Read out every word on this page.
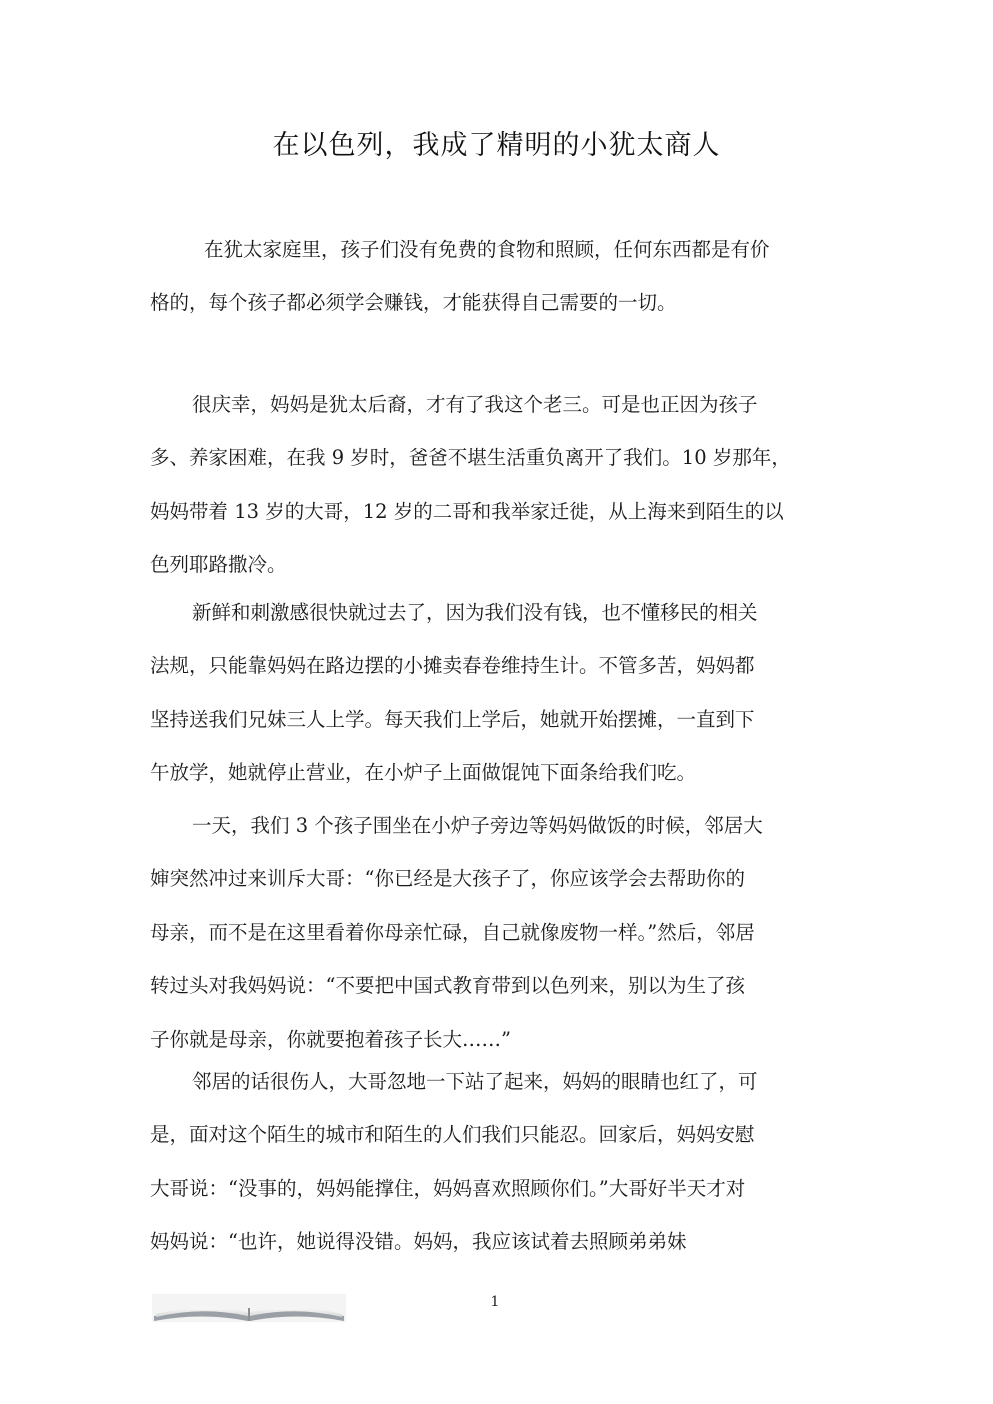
在以色列，我成了精明的小犹太商人

在犹太家庭里，孩子们没有免费的食物和照顾，任何东西都是有价
格的，每个孩子都必须学会赚钱，才能获得自己需要的一切。

很庆幸，妈妈是犹太后裔，才有了我这个老三。可是也正因为孩子
多、养家困难，在我 9 岁时，爸爸不堪生活重负离开了我们。10 岁那年，
妈妈带着 13 岁的大哥，12 岁的二哥和我举家迁徙，从上海来到陌生的以
色列耶路撒冷。

新鲜和刺激感很快就过去了，因为我们没有钱，也不懂移民的相关
法规，只能靠妈妈在路边摆的小摊卖春卷维持生计。不管多苦，妈妈都
坚持送我们兄妹三人上学。每天我们上学后，她就开始摆摊，一直到下
午放学，她就停止营业，在小炉子上面做馄饨下面条给我们吃。

一天，我们 3 个孩子围坐在小炉子旁边等妈妈做饭的时候，邻居大
婶突然冲过来训斥大哥：“你已经是大孩子了，你应该学会去帮助你的
母亲，而不是在这里看着你母亲忙碌，自己就像废物一样。”然后，邻居
转过头对我妈妈说：“不要把中国式教育带到以色列来，别以为生了孩
子你就是母亲，你就要抱着孩子长大……”

邻居的话很伤人，大哥忽地一下站了起来，妈妈的眼睛也红了，可
是，面对这个陌生的城市和陌生的人们我们只能忍。回家后，妈妈安慰
大哥说：“没事的，妈妈能撑住，妈妈喜欢照顾你们。”大哥好半天才对
妈妈说：“也许，她说得没错。妈妈，我应该试着去照顾弟弟妹

1
